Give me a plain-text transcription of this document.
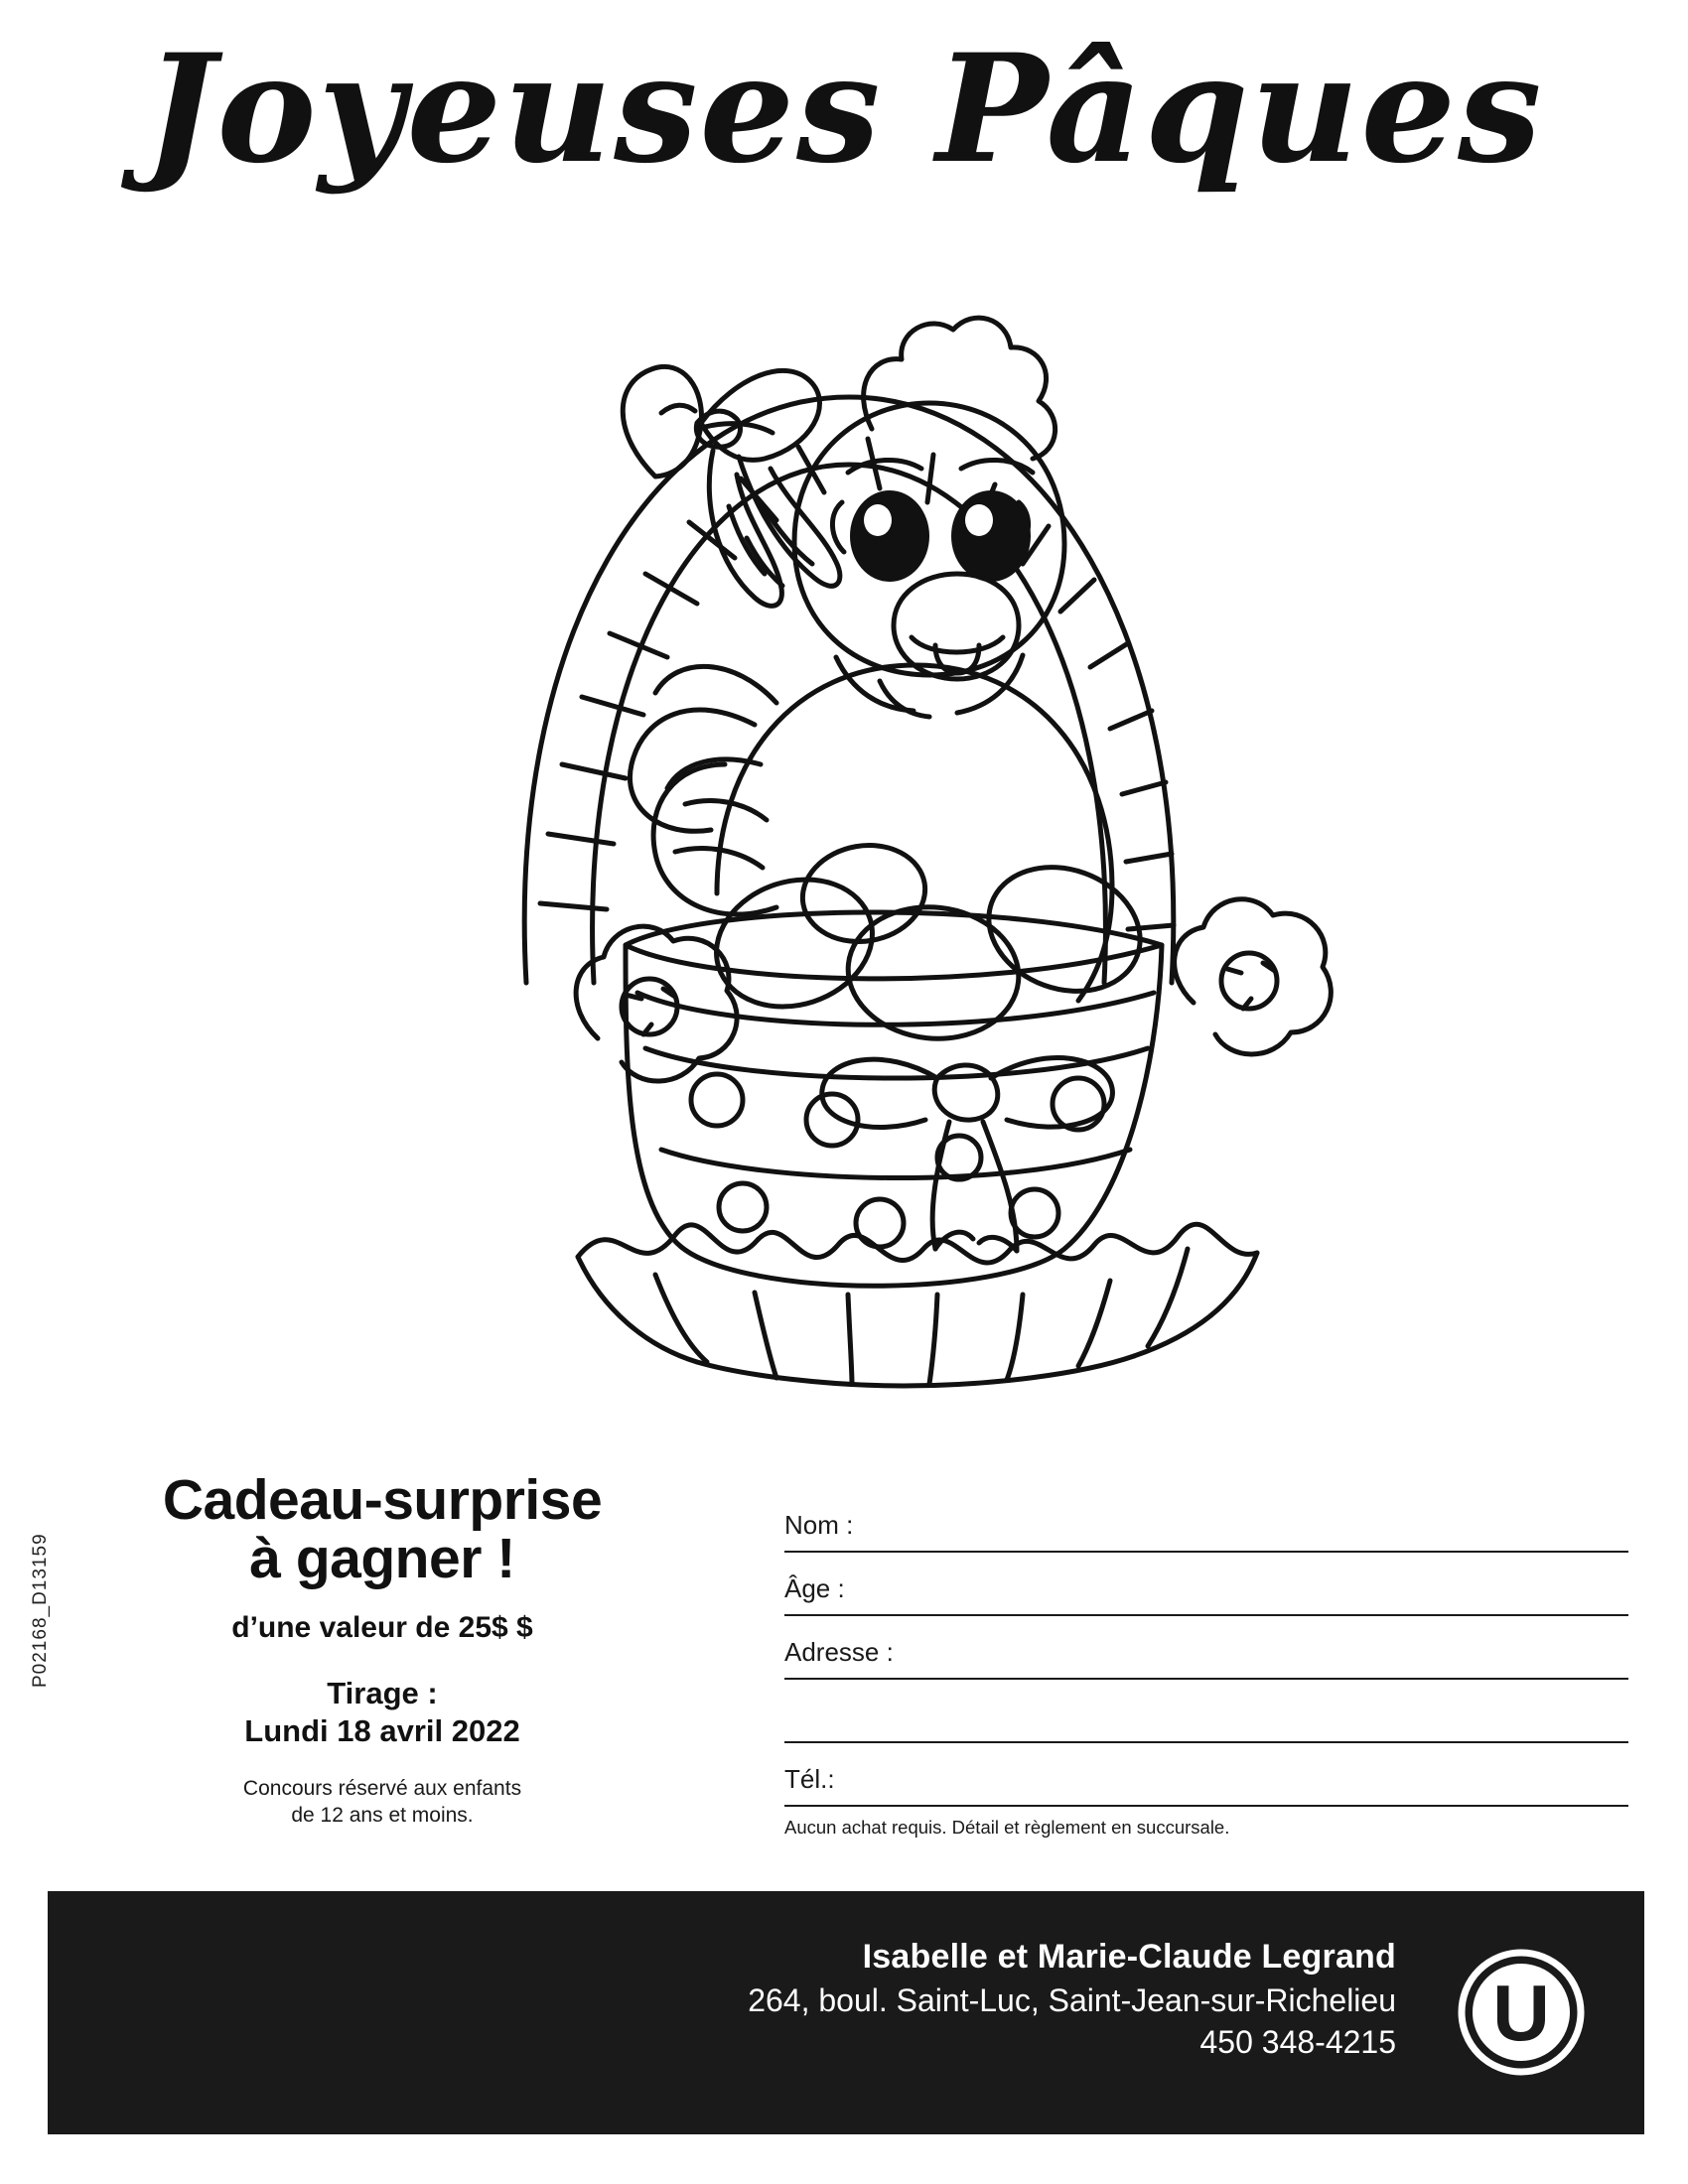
Joyeuses Pâques
Cadeau-surprise
à gagner !
d’une valeur de 25$ $
Tirage :
Lundi 18 avril 2022
Concours réservé aux enfants
de 12 ans et moins.
P02168_D13159
Nom :
Âge :
Adresse :
Tél.:
Aucun achat requis. Détail et règlement en succursale.
Isabelle et Marie-Claude Legrand
264, boul. Saint-Luc, Saint-Jean-sur-Richelieu
450 348-4215 U
